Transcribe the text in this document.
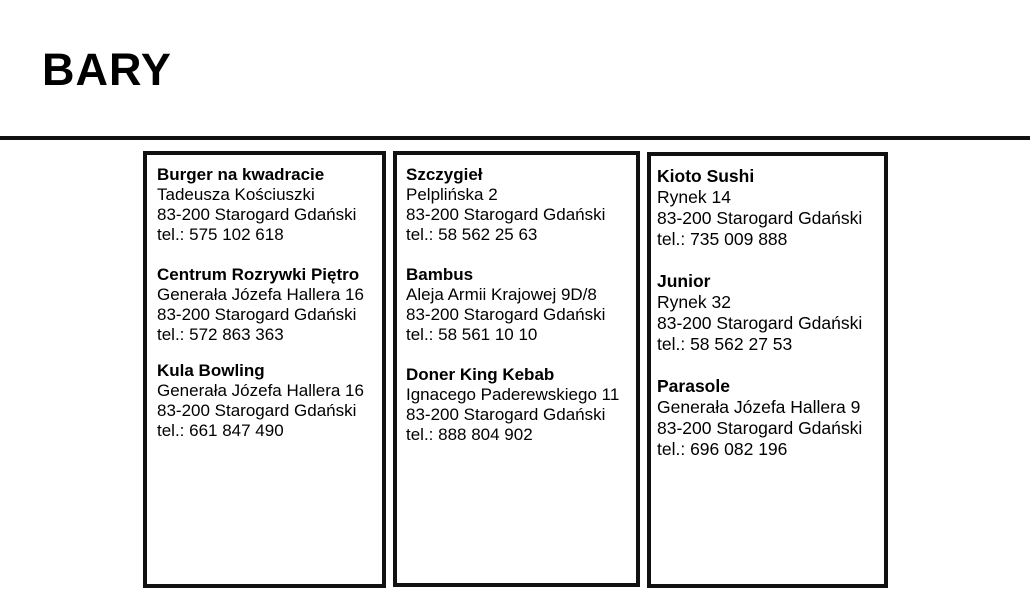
BARY
Burger na kwadracie
Tadeusza Kościuszki
83-200 Starogard Gdański
tel.: 575 102 618
Centrum Rozrywki Piętro
Generała Józefa Hallera 16
83-200 Starogard Gdański
tel.: 572 863 363
Kula Bowling
Generała Józefa Hallera 16
83-200 Starogard Gdański
tel.: 661 847 490
Szczygieł
Pelplińska 2
83-200 Starogard Gdański
tel.: 58 562 25 63
Bambus
Aleja Armii Krajowej 9D/8
83-200 Starogard Gdański
tel.: 58 561 10 10
Doner King Kebab
Ignacego Paderewskiego 11
83-200 Starogard Gdański
tel.: 888 804 902
Kioto Sushi
Rynek 14
83-200 Starogard Gdański
tel.: 735 009 888
Junior
Rynek 32
83-200 Starogard Gdański
tel.: 58 562 27 53
Parasole
Generała Józefa Hallera 9
83-200 Starogard Gdański
tel.: 696 082 196
